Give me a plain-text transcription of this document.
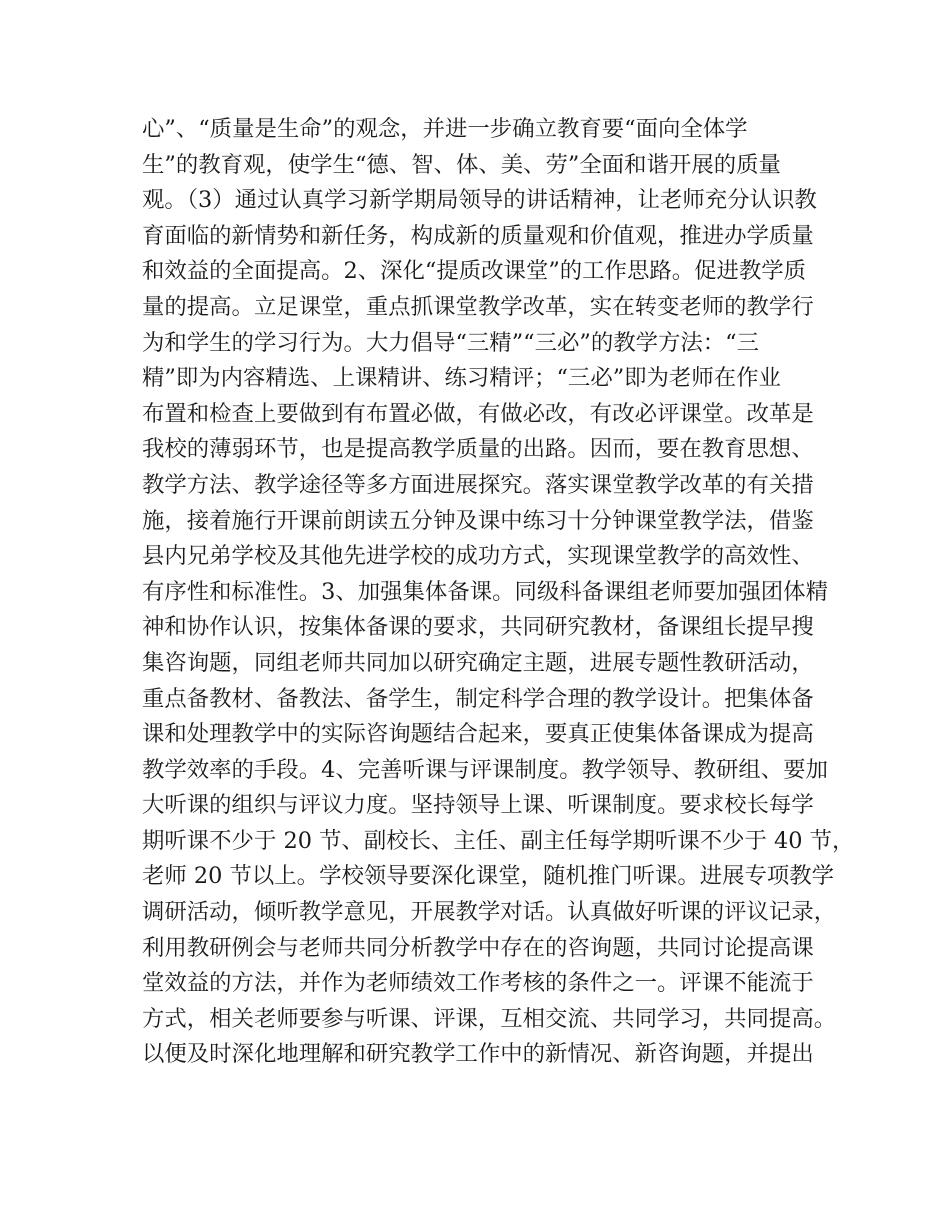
心”、“质量是生命”的观念，并进一步确立教育要“面向全体学
生”的教育观，使学生“德、智、体、美、劳”全面和谐开展的质量
观。（3）通过认真学习新学期局领导的讲话精神，让老师充分认识教
育面临的新情势和新任务，构成新的质量观和价值观，推进办学质量
和效益的全面提高。2、深化“提质改课堂”的工作思路。促进教学质
量的提高。立足课堂，重点抓课堂教学改革，实在转变老师的教学行
为和学生的学习行为。大力倡导“三精”“三必”的教学方法：“三
精”即为内容精选、上课精讲、练习精评；“三必”即为老师在作业
布置和检查上要做到有布置必做，有做必改，有改必评课堂。改革是
我校的薄弱环节，也是提高教学质量的出路。因而，要在教育思想、
教学方法、教学途径等多方面进展探究。落实课堂教学改革的有关措
施，接着施行开课前朗读五分钟及课中练习十分钟课堂教学法，借鉴
县内兄弟学校及其他先进学校的成功方式，实现课堂教学的高效性、
有序性和标准性。3、加强集体备课。同级科备课组老师要加强团体精
神和协作认识，按集体备课的要求，共同研究教材，备课组长提早搜
集咨询题，同组老师共同加以研究确定主题，进展专题性教研活动，
重点备教材、备教法、备学生，制定科学合理的教学设计。把集体备
课和处理教学中的实际咨询题结合起来，要真正使集体备课成为提高
教学效率的手段。4、完善听课与评课制度。教学领导、教研组、要加
大听课的组织与评议力度。坚持领导上课、听课制度。要求校长每学
期听课不少于 20 节、副校长、主任、副主任每学期听课不少于 40 节，
老师 20 节以上。学校领导要深化课堂，随机推门听课。进展专项教学
调研活动，倾听教学意见，开展教学对话。认真做好听课的评议记录，
利用教研例会与老师共同分析教学中存在的咨询题，共同讨论提高课
堂效益的方法，并作为老师绩效工作考核的条件之一。评课不能流于
方式，相关老师要参与听课、评课，互相交流、共同学习，共同提高。
以便及时深化地理解和研究教学工作中的新情况、新咨询题，并提出
